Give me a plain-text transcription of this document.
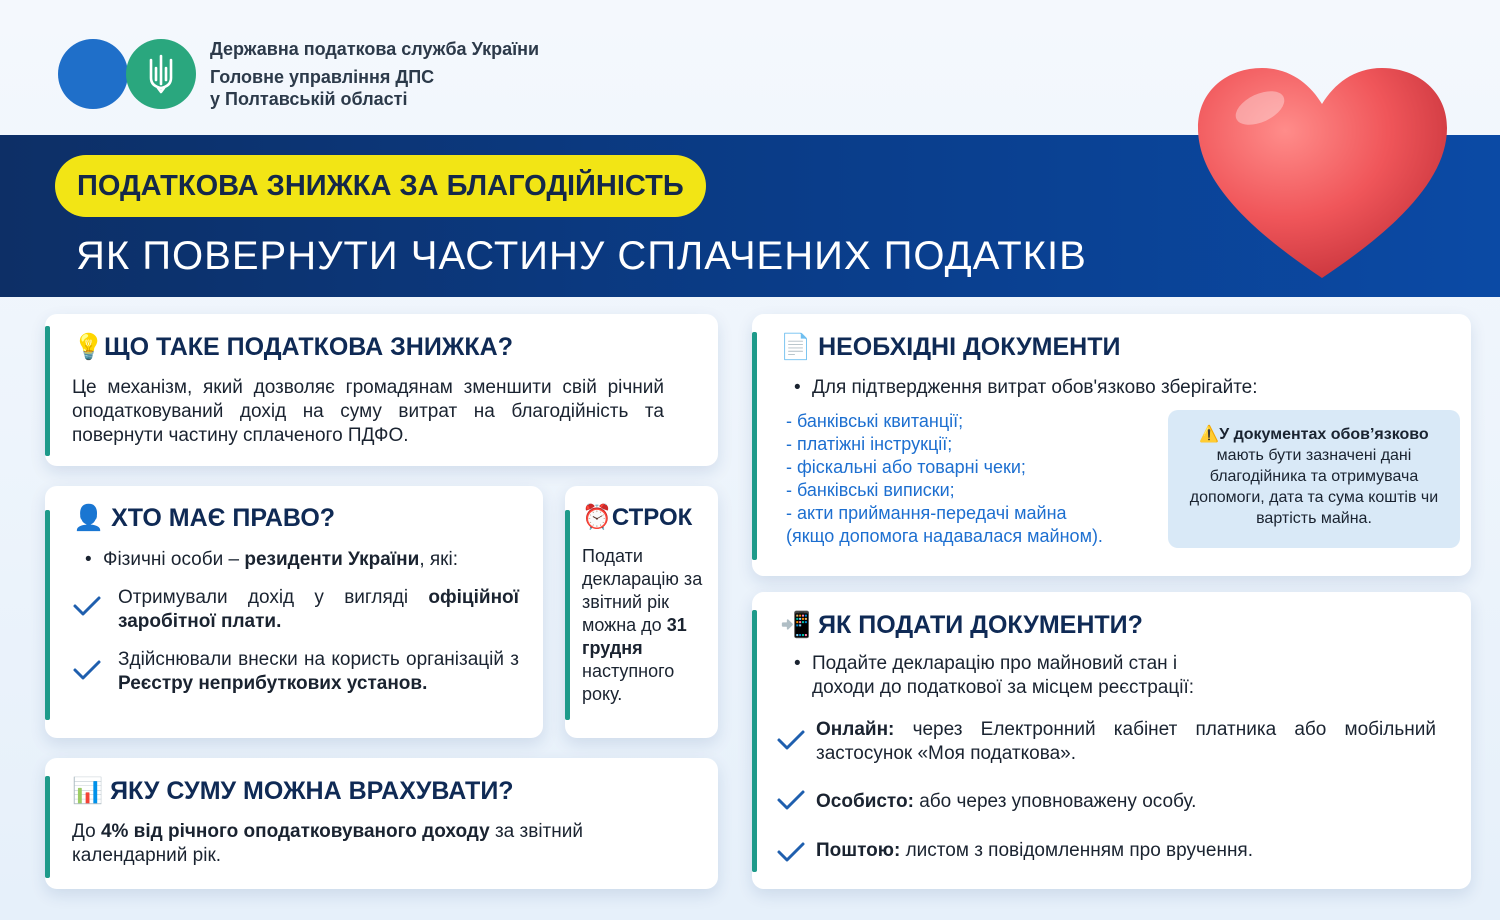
Державна податкова служба України
Головне управління ДПС
у Полтавській області
ПОДАТКОВА ЗНИЖКА ЗА БЛАГОДІЙНІСТЬ
ЯК ПОВЕРНУТИ ЧАСТИНУ СПЛАЧЕНИХ ПОДАТКІВ
💡ЩО ТАКЕ ПОДАТКОВА ЗНИЖКА?
Це механізм, який дозволяє громадянам зменшити свій річний оподатковуваний дохід на суму витрат на благодійність та повернути частину сплаченого ПДФО.
👤 ХТО МАЄ ПРАВО?
• Фізичні особи – резиденти України, які:
Отримували дохід у вигляді офіційної заробітної плати.
Здійснювали внески на користь організацій з Реєстру неприбуткових установ.
⏰СТРОК
Подати декларацію за звітний рік можна до 31 грудня наступного року.
📊 ЯКУ СУМУ МОЖНА ВРАХУВАТИ?
До 4% від річного оподатковуваного доходу за звітний календарний рік.
📄 НЕОБХІДНІ ДОКУМЕНТИ
• Для підтвердження витрат обов'язково зберігайте:
- банківські квитанції;
- платіжні інструкції;
- фіскальні або товарні чеки;
- банківські виписки;
- акти приймання-передачі майна
(якщо допомога надавалася майном).
⚠️У документах обов’язково
мають бути зазначені дані благодійника та отримувача допомоги, дата та сума коштів чи вартість майна.
📲 ЯК ПОДАТИ ДОКУМЕНТИ?
• Подайте декларацію про майновий стан і доходи до податкової за місцем реєстрації:
Онлайн: через Електронний кабінет платника або мобільний застосунок «Моя податкова».
Особисто: або через уповноважену особу.
Поштою: листом з повідомленням про вручення.
